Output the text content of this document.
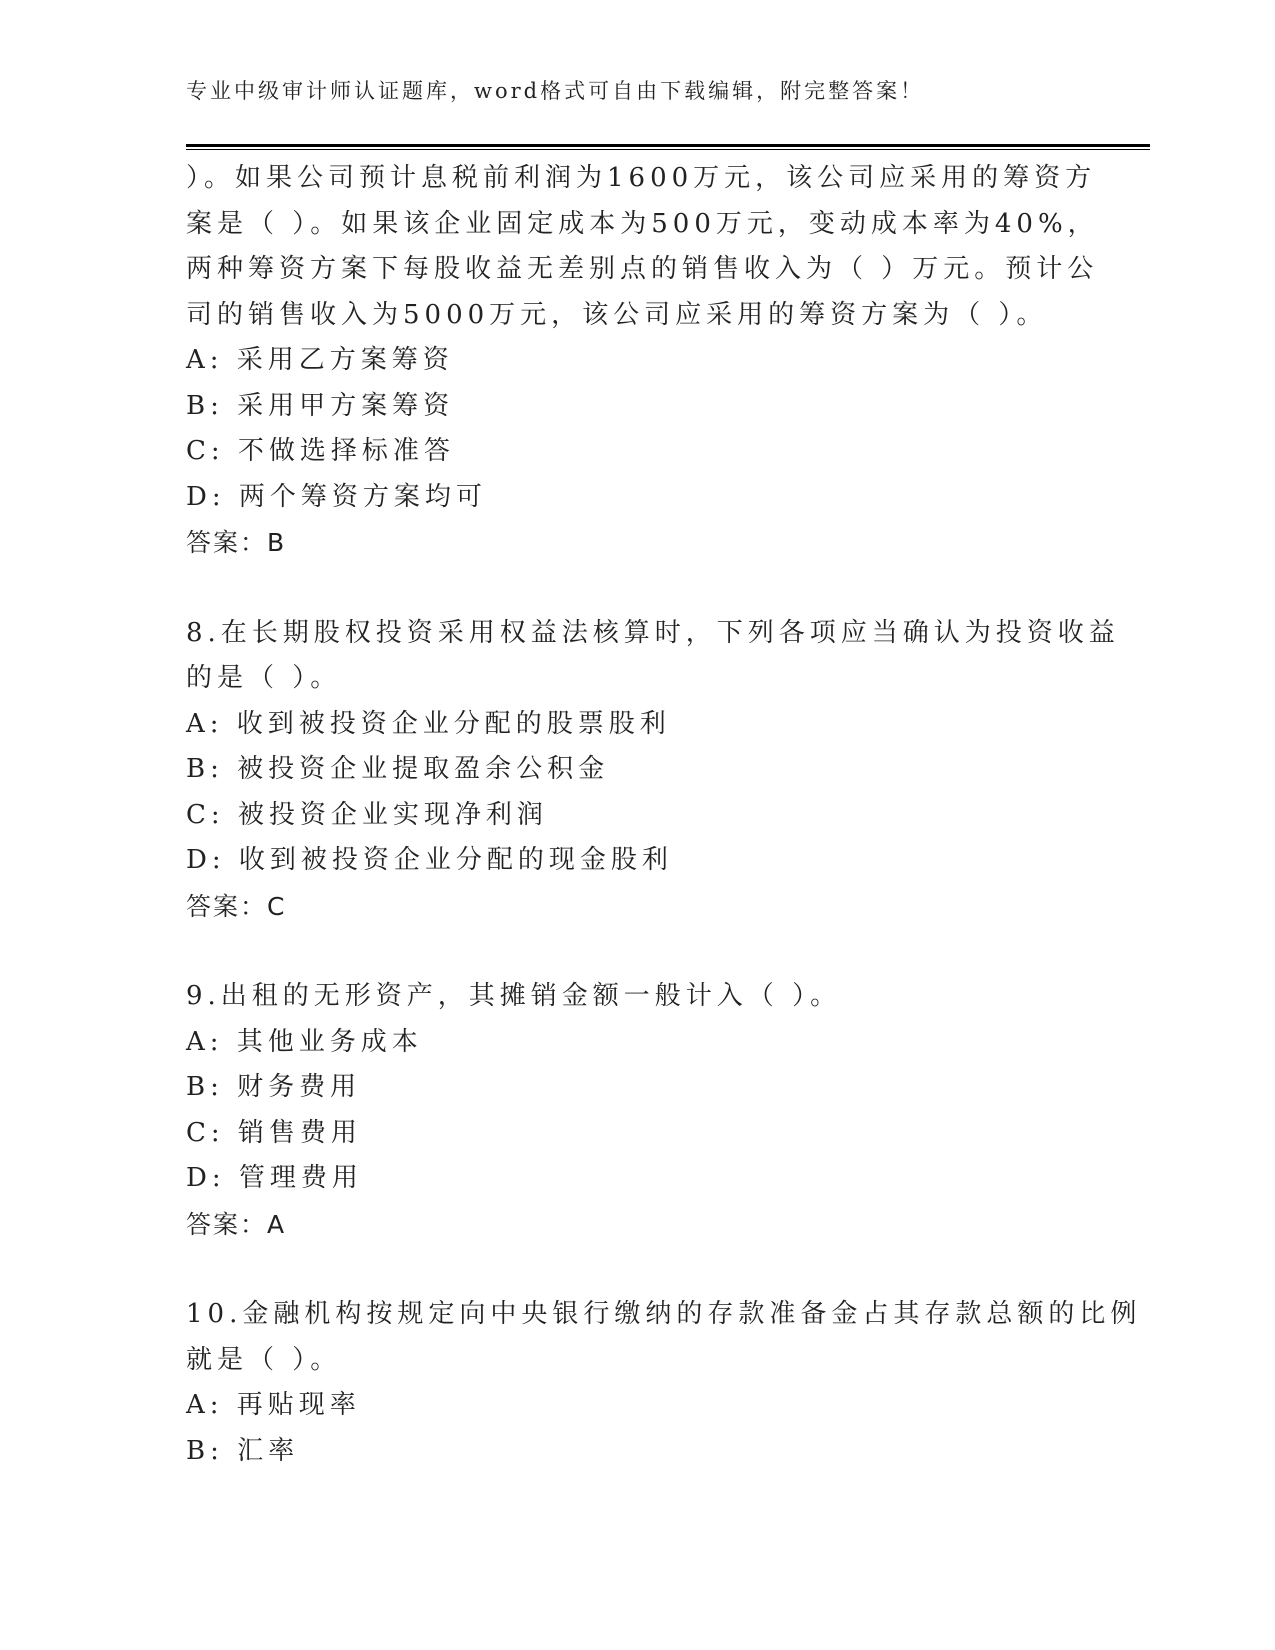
专业中级审计师认证题库，word格式可自由下载编辑，附完整答案！
）。如果公司预计息税前利润为1600万元，该公司应采用的筹资方
案是（ ）。如果该企业固定成本为500万元，变动成本率为40%，
两种筹资方案下每股收益无差别点的销售收入为（ ）万元。预计公
司的销售收入为5000万元，该公司应采用的筹资方案为（ ）。
A: 采用乙方案筹资
B: 采用甲方案筹资
C: 不做选择标准答
D: 两个筹资方案均可
答案：B
8.在长期股权投资采用权益法核算时，下列各项应当确认为投资收益
的是（ ）。
A: 收到被投资企业分配的股票股利
B: 被投资企业提取盈余公积金
C: 被投资企业实现净利润
D: 收到被投资企业分配的现金股利
答案：C
9.出租的无形资产，其摊销金额一般计入（ ）。
A: 其他业务成本
B: 财务费用
C: 销售费用
D: 管理费用
答案：A
10.金融机构按规定向中央银行缴纳的存款准备金占其存款总额的比例
就是（ ）。
A: 再贴现率
B: 汇率
